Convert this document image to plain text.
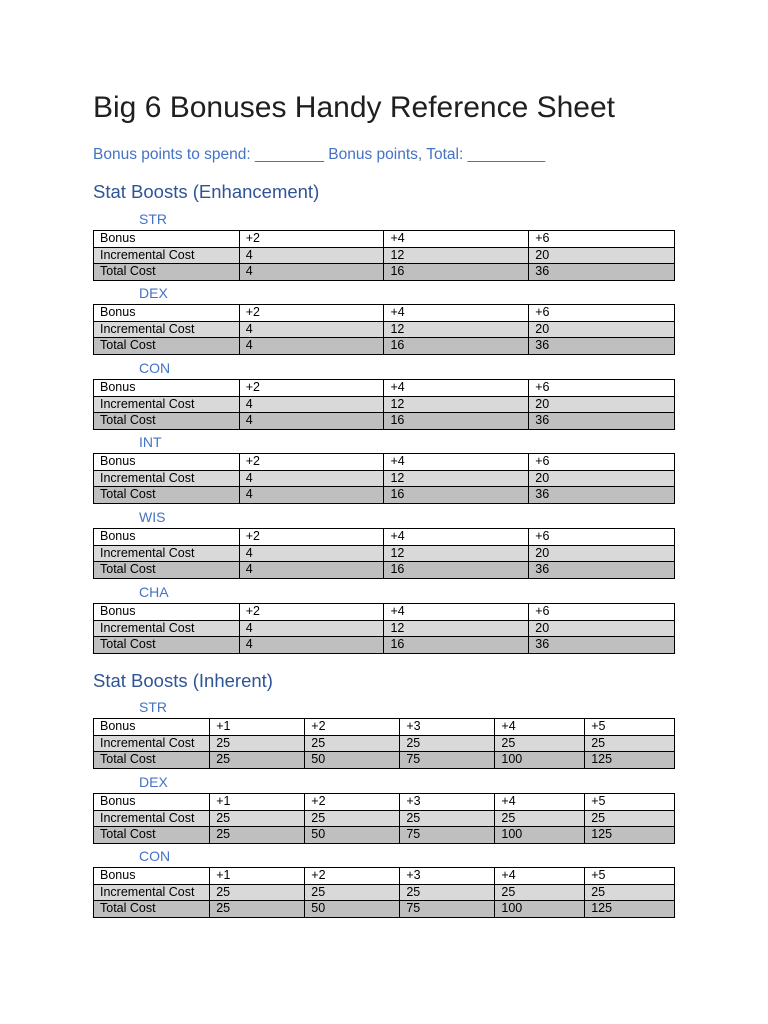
Big 6 Bonuses Handy Reference Sheet
Bonus points to spend: ________ Bonus points, Total: _________
Stat Boosts (Enhancement)
STR
Bonus	+2	+4	+6
Incremental Cost	4	12	20
Total Cost	4	16	36
DEX
Bonus	+2	+4	+6
Incremental Cost	4	12	20
Total Cost	4	16	36
CON
Bonus	+2	+4	+6
Incremental Cost	4	12	20
Total Cost	4	16	36
INT
Bonus	+2	+4	+6
Incremental Cost	4	12	20
Total Cost	4	16	36
WIS
Bonus	+2	+4	+6
Incremental Cost	4	12	20
Total Cost	4	16	36
CHA
Bonus	+2	+4	+6
Incremental Cost	4	12	20
Total Cost	4	16	36
Stat Boosts (Inherent)
STR
Bonus	+1	+2	+3	+4	+5
Incremental Cost	25	25	25	25	25
Total Cost	25	50	75	100	125
DEX
Bonus	+1	+2	+3	+4	+5
Incremental Cost	25	25	25	25	25
Total Cost	25	50	75	100	125
CON
Bonus	+1	+2	+3	+4	+5
Incremental Cost	25	25	25	25	25
Total Cost	25	50	75	100	125
